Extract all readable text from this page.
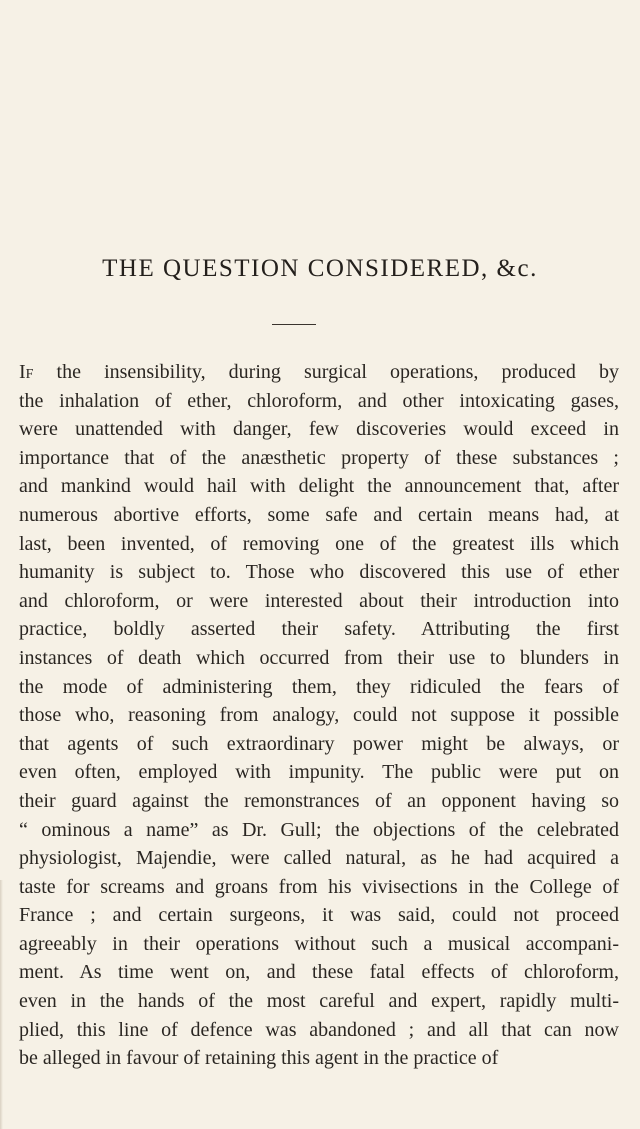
THE QUESTION CONSIDERED, &c.
If the insensibility, during surgical operations, produced by
the inhalation of ether, chloroform, and other intoxicating gases,
were unattended with danger, few discoveries would exceed in
importance that of the anæsthetic property of these substances ;
and mankind would hail with delight the announcement that, after
numerous abortive efforts, some safe and certain means had, at
last, been invented, of removing one of the greatest ills which
humanity is subject to. Those who discovered this use of ether
and chloroform, or were interested about their introduction into
practice, boldly asserted their safety. Attributing the first
instances of death which occurred from their use to blunders in
the mode of administering them, they ridiculed the fears of
those who, reasoning from analogy, could not suppose it possible
that agents of such extraordinary power might be always, or
even often, employed with impunity. The public were put on
their guard against the remonstrances of an opponent having so
“ ominous a name” as Dr. Gull; the objections of the celebrated
physiologist, Majendie, were called natural, as he had acquired a
taste for screams and groans from his vivisections in the College of
France ; and certain surgeons, it was said, could not proceed
agreeably in their operations without such a musical accompani-
ment. As time went on, and these fatal effects of chloroform,
even in the hands of the most careful and expert, rapidly multi-
plied, this line of defence was abandoned ; and all that can now
be alleged in favour of retaining this agent in the practice of
